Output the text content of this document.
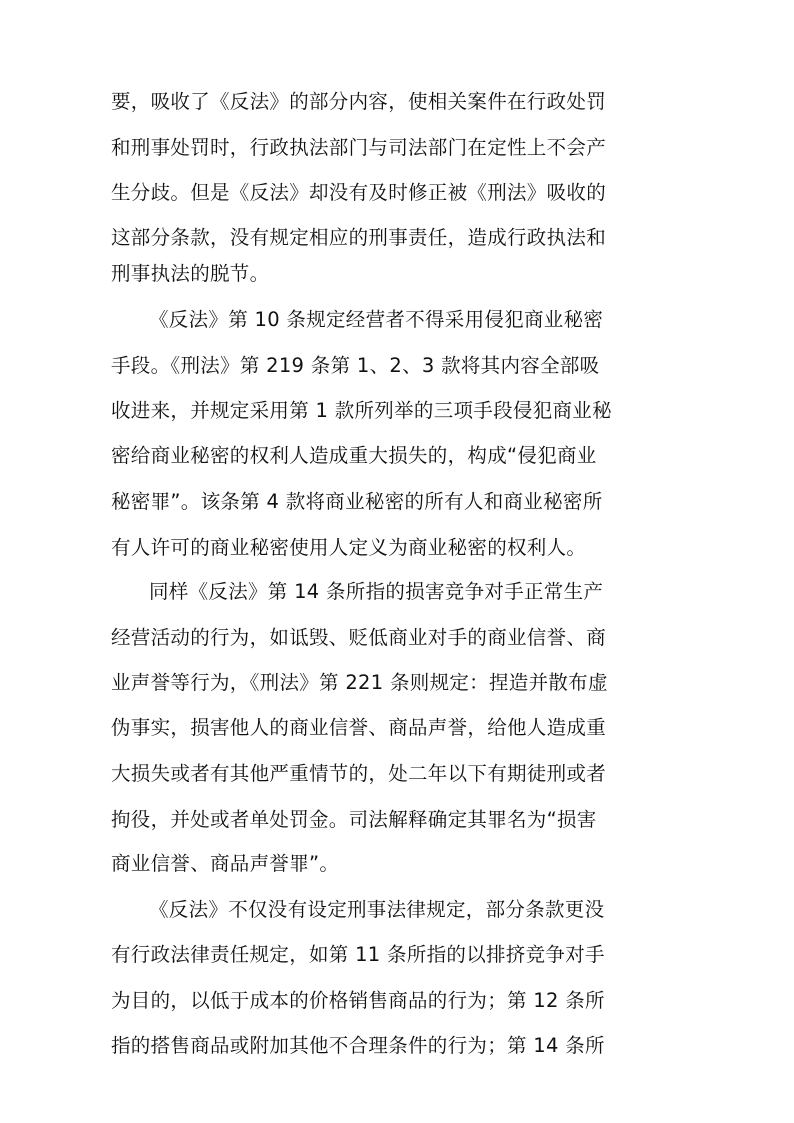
要，吸收了《反法》的部分内容，使相关案件在行政处罚
和刑事处罚时，行政执法部门与司法部门在定性上不会产
生分歧。但是《反法》却没有及时修正被《刑法》吸收的
这部分条款，没有规定相应的刑事责任，造成行政执法和
刑事执法的脱节。
《反法》第 10 条规定经营者不得采用侵犯商业秘密
手段。《刑法》第 219 条第 1、2、3 款将其内容全部吸
收进来，并规定采用第 1 款所列举的三项手段侵犯商业秘
密给商业秘密的权利人造成重大损失的，构成“侵犯商业
秘密罪”。该条第 4 款将商业秘密的所有人和商业秘密所
有人许可的商业秘密使用人定义为商业秘密的权利人。
同样《反法》第 14 条所指的损害竞争对手正常生产
经营活动的行为，如诋毁、贬低商业对手的商业信誉、商
业声誉等行为，《刑法》第 221 条则规定：捏造并散布虚
伪事实，损害他人的商业信誉、商品声誉，给他人造成重
大损失或者有其他严重情节的，处二年以下有期徒刑或者
拘役，并处或者单处罚金。司法解释确定其罪名为“损害
商业信誉、商品声誉罪”。
《反法》不仅没有设定刑事法律规定，部分条款更没
有行政法律责任规定，如第 11 条所指的以排挤竞争对手
为目的，以低于成本的价格销售商品的行为；第 12 条所
指的搭售商品或附加其他不合理条件的行为；第 14 条所
